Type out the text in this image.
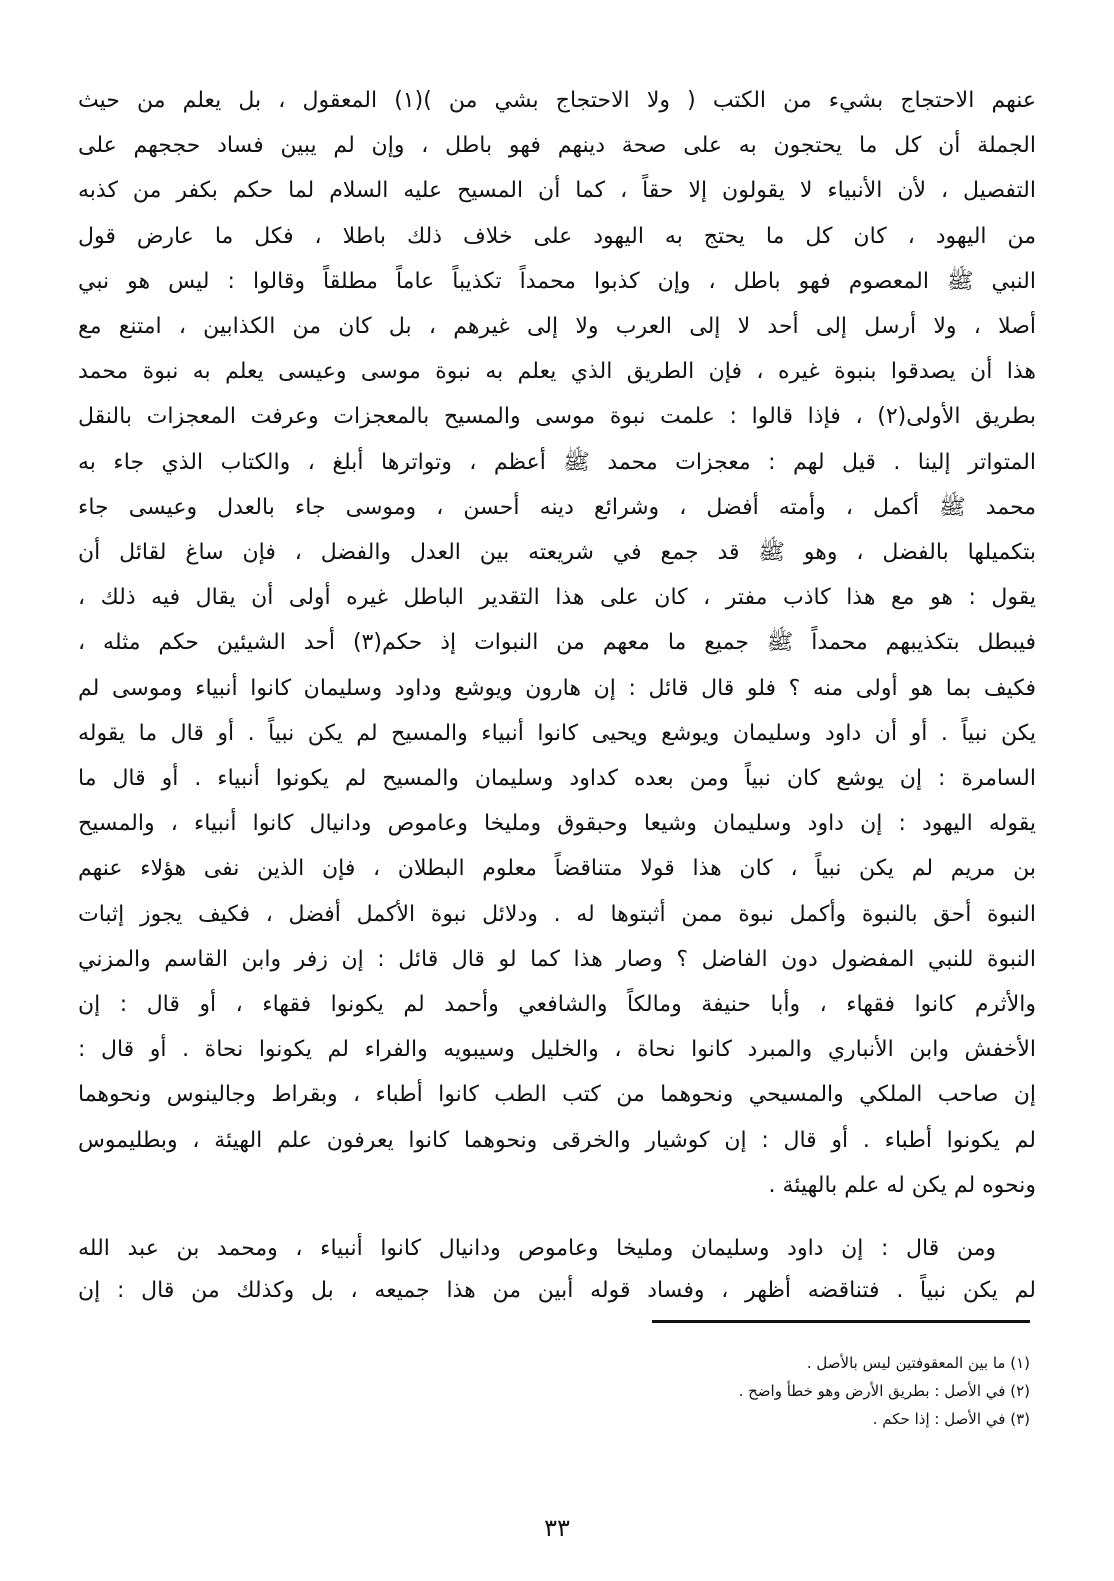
عنهم الاحتجاج بشيء من الكتب ( ولا الاحتجاج بشي من )(١) المعقول ، بل يعلم من حيث
الجملة أن كل ما يحتجون به على صحة دينهم فهو باطل ، وإن لم يبين فساد حججهم على
التفصيل ، لأن الأنبياء لا يقولون إلا حقاً ، كما أن المسيح عليه السلام لما حكم بكفر من كذبه
من اليهود ، كان كل ما يحتج به اليهود على خلاف ذلك باطلا ، فكل ما عارض قول
النبي ﷺ المعصوم فهو باطل ، وإن كذبوا محمداً تكذيباً عاماً مطلقاً وقالوا : ليس هو نبي
أصلا ، ولا أرسل إلى أحد لا إلى العرب ولا إلى غيرهم ، بل كان من الكذابين ، امتنع مع
هذا أن يصدقوا بنبوة غيره ، فإن الطريق الذي يعلم به نبوة موسى وعيسى يعلم به نبوة محمد
بطريق الأولى(٢) ، فإذا قالوا : علمت نبوة موسى والمسيح بالمعجزات وعرفت المعجزات بالنقل
المتواتر إلينا . قيل لهم : معجزات محمد ﷺ أعظم ، وتواترها أبلغ ، والكتاب الذي جاء به
محمد ﷺ أكمل ، وأمته أفضل ، وشرائع دينه أحسن ، وموسى جاء بالعدل وعيسى جاء
بتكميلها بالفضل ، وهو ﷺ قد جمع في شريعته بين العدل والفضل ، فإن ساغ لقائل أن
يقول : هو مع هذا كاذب مفتر ، كان على هذا التقدير الباطل غيره أولى أن يقال فيه ذلك ،
فيبطل بتكذيبهم محمداً ﷺ جميع ما معهم من النبوات إذ حكم(٣) أحد الشيئين حكم مثله ،
فكيف بما هو أولى منه ؟ فلو قال قائل : إن هارون ويوشع وداود وسليمان كانوا أنبياء وموسى لم
يكن نبياً . أو أن داود وسليمان ويوشع ويحيى كانوا أنبياء والمسيح لم يكن نبياً . أو قال ما يقوله
السامرة : إن يوشع كان نبياً ومن بعده كداود وسليمان والمسيح لم يكونوا أنبياء . أو قال ما
يقوله اليهود : إن داود وسليمان وشيعا وحبقوق ومليخا وعاموص ودانيال كانوا أنبياء ، والمسيح
بن مريم لم يكن نبياً ، كان هذا قولا متناقضاً معلوم البطلان ، فإن الذين نفى هؤلاء عنهم
النبوة أحق بالنبوة وأكمل نبوة ممن أثبتوها له . ودلائل نبوة الأكمل أفضل ، فكيف يجوز إثبات
النبوة للنبي المفضول دون الفاضل ؟ وصار هذا كما لو قال قائل : إن زفر وابن القاسم والمزني
والأثرم كانوا فقهاء ، وأبا حنيفة ومالكاً والشافعي وأحمد لم يكونوا فقهاء ، أو قال : إن
الأخفش وابن الأنباري والمبرد كانوا نحاة ، والخليل وسيبويه والفراء لم يكونوا نحاة . أو قال :
إن صاحب الملكي والمسيحي ونحوهما من كتب الطب كانوا أطباء ، وبقراط وجالينوس ونحوهما
لم يكونوا أطباء . أو قال : إن كوشيار والخرقى ونحوهما كانوا يعرفون علم الهيئة ، وبطليموس
ونحوه لم يكن له علم بالهيئة .
ومن قال : إن داود وسليمان ومليخا وعاموص ودانيال كانوا أنبياء ، ومحمد بن عبد الله
لم يكن نبياً . فتناقضه أظهر ، وفساد قوله أبين من هذا جميعه ، بل وكذلك من قال : إن
(١) ما بين المعقوفتين ليس بالأصل .
(٢) في الأصل : بطريق الأرض وهو خطأ واضح .
(٣) في الأصل : إذا حكم .
٣٣
